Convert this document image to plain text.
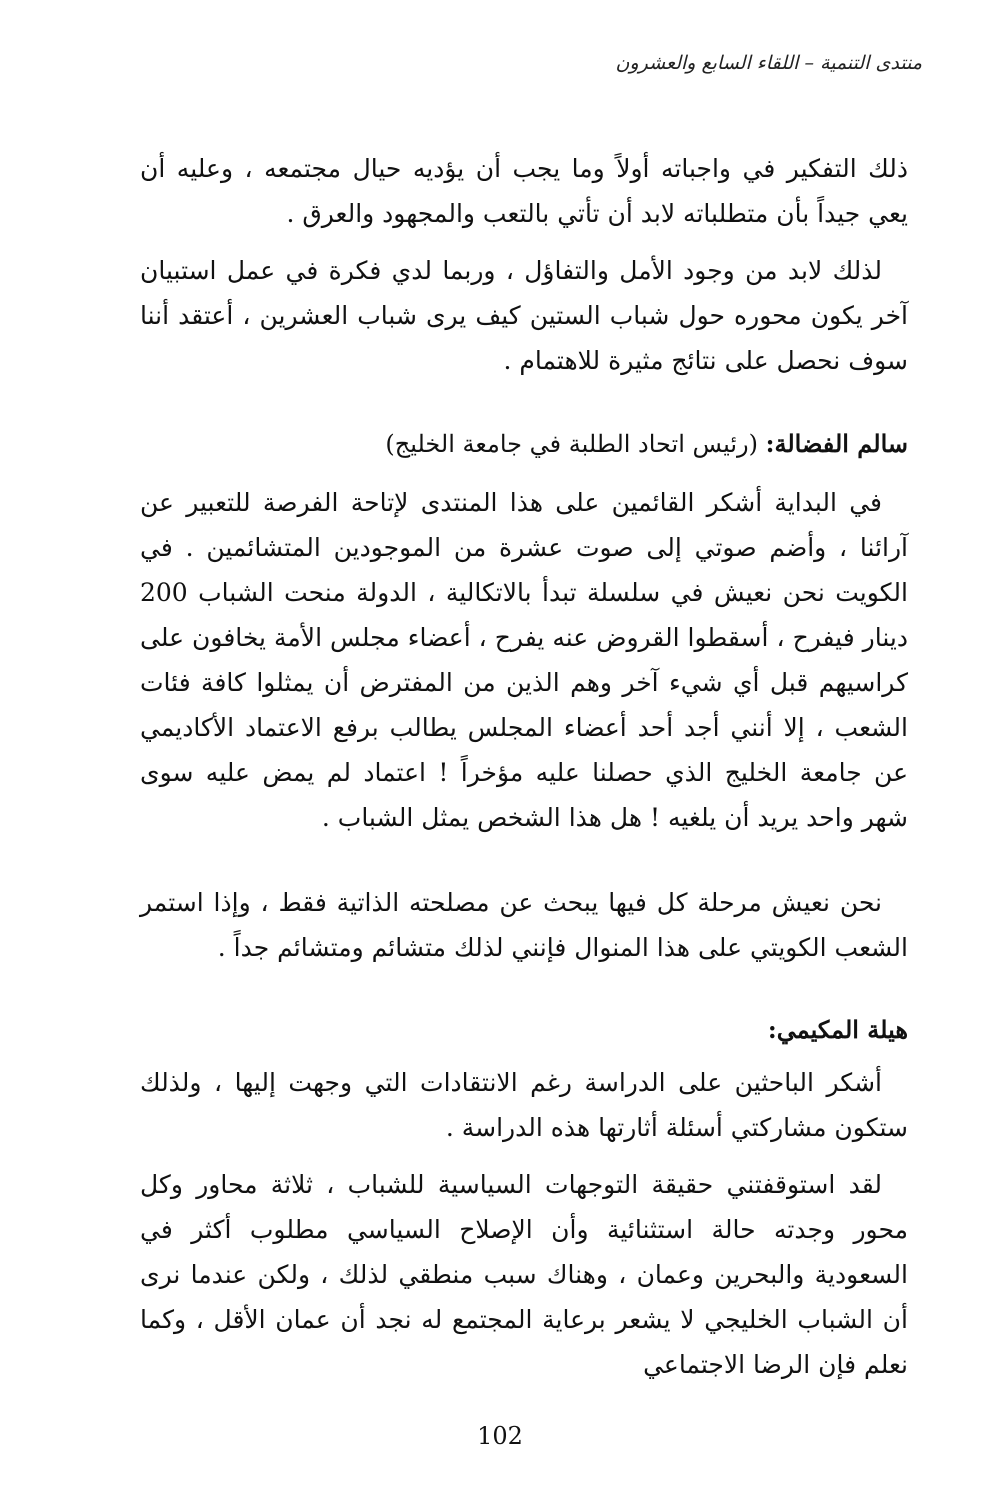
منتدى التنمية – اللقاء السابع والعشرون

ذلك التفكير في واجباته أولاً وما يجب أن يؤديه حيال مجتمعه ، وعليه أن يعي جيداً بأن متطلباته لابد أن تأتي بالتعب والمجهود والعرق .

لذلك لابد من وجود الأمل والتفاؤل ، وربما لدي فكرة في عمل استبيان آخر يكون محوره حول شباب الستين كيف يرى شباب العشرين ، أعتقد أننا سوف نحصل على نتائج مثيرة للاهتمام .

سالم الفضالة: (رئيس اتحاد الطلبة في جامعة الخليج)

في البداية أشكر القائمين على هذا المنتدى لإتاحة الفرصة للتعبير عن آرائنا ، وأضم صوتي إلى صوت عشرة من الموجودين المتشائمين . في الكويت نحن نعيش في سلسلة تبدأ بالاتكالية ، الدولة منحت الشباب 200 دينار فيفرح ، أسقطوا القروض عنه يفرح ، أعضاء مجلس الأمة يخافون على كراسيهم قبل أي شيء آخر وهم الذين من المفترض أن يمثلوا كافة فئات الشعب ، إلا أنني أجد أحد أعضاء المجلس يطالب برفع الاعتماد الأكاديمي عن جامعة الخليج الذي حصلنا عليه مؤخراً ! اعتماد لم يمض عليه سوى شهر واحد يريد أن يلغيه ! هل هذا الشخص يمثل الشباب .

نحن نعيش مرحلة كل فيها يبحث عن مصلحته الذاتية فقط ، وإذا استمر الشعب الكويتي على هذا المنوال فإنني لذلك متشائم ومتشائم جداً .

هيلة المكيمي:

أشكر الباحثين على الدراسة رغم الانتقادات التي وجهت إليها ، ولذلك ستكون مشاركتي أسئلة أثارتها هذه الدراسة .

لقد استوقفتني حقيقة التوجهات السياسية للشباب ، ثلاثة محاور وكل محور وجدته حالة استثنائية وأن الإصلاح السياسي مطلوب أكثر في السعودية والبحرين وعمان ، وهناك سبب منطقي لذلك ، ولكن عندما نرى أن الشباب الخليجي لا يشعر برعاية المجتمع له نجد أن عمان الأقل ، وكما نعلم فإن الرضا الاجتماعي

102
